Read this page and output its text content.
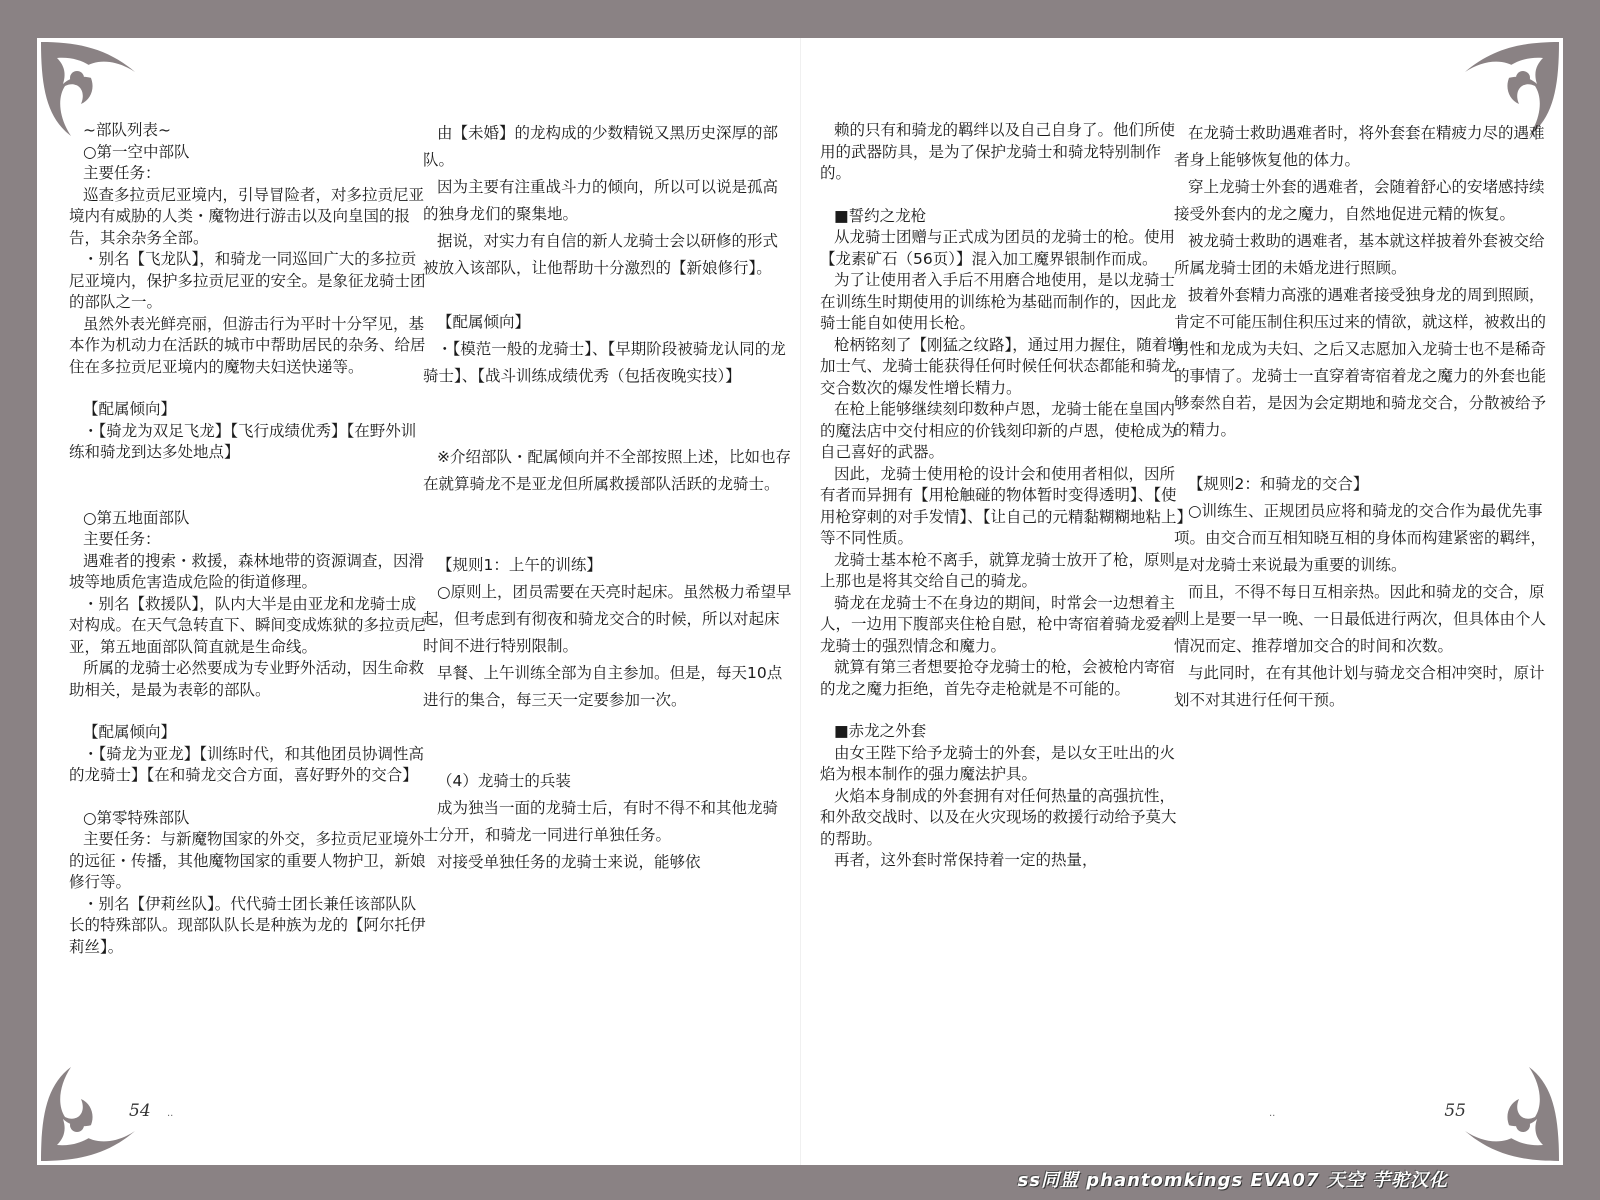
~部队列表~

○第一空中部队

主要任务：

巡查多拉贡尼亚境内，引导冒险者，对多拉贡尼亚境内有威胁的人类・魔物进行游击以及向皇国的报告，其余杂务全部。

・别名【飞龙队】，和骑龙一同巡回广大的多拉贡尼亚境内，保护多拉贡尼亚的安全。是象征龙骑士团的部队之一。

虽然外表光鲜亮丽，但游击行为平时十分罕见，基本作为机动力在活跃的城市中帮助居民的杂务、给居住在多拉贡尼亚境内的魔物夫妇送快递等。

【配属倾向】

・【骑龙为双足飞龙】【飞行成绩优秀】【在野外训练和骑龙到达多处地点】

○第五地面部队

主要任务：

遇难者的搜索・救援，森林地带的资源调查，因滑坡等地质危害造成危险的街道修理。

・别名【救援队】，队内大半是由亚龙和龙骑士成对构成。在天气急转直下、瞬间变成炼狱的多拉贡尼亚，第五地面部队简直就是生命线。

所属的龙骑士必然要成为专业野外活动，因生命救助相关，是最为表彰的部队。

【配属倾向】

・【骑龙为亚龙】【训练时代，和其他团员协调性高的龙骑士】【在和骑龙交合方面，喜好野外的交合】

○第零特殊部队

主要任务：与新魔物国家的外交，多拉贡尼亚境外的远征・传播，其他魔物国家的重要人物护卫，新娘修行等。

・别名【伊莉丝队】。代代骑士团长兼任该部队队长的特殊部队。现部队队长是种族为龙的【阿尔托伊莉丝】。

由【未婚】的龙构成的少数精锐又黑历史深厚的部队。

因为主要有注重战斗力的倾向，所以可以说是孤高的独身龙们的聚集地。

据说，对实力有自信的新人龙骑士会以研修的形式被放入该部队，让他帮助十分激烈的【新娘修行】。

【配属倾向】

・【模范一般的龙骑士】、【早期阶段被骑龙认同的龙骑士】、【战斗训练成绩优秀（包括夜晚实技）】

※介绍部队・配属倾向并不全部按照上述，比如也存在就算骑龙不是亚龙但所属救援部队活跃的龙骑士。

【规则1：上午的训练】

○原则上，团员需要在天亮时起床。虽然极力希望早起，但考虑到有彻夜和骑龙交合的时候，所以对起床时间不进行特别限制。

早餐、上午训练全部为自主参加。但是，每天10点进行的集合，每三天一定要参加一次。

（4）龙骑士的兵装

成为独当一面的龙骑士后，有时不得不和其他龙骑士分开，和骑龙一同进行单独任务。

对接受单独任务的龙骑士来说，能够依

赖的只有和骑龙的羁绊以及自己自身了。他们所使用的武器防具，是为了保护龙骑士和骑龙特别制作的。

■誓约之龙枪

从龙骑士团赠与正式成为团员的龙骑士的枪。使用【龙素矿石（56页）】混入加工魔界银制作而成。

为了让使用者入手后不用磨合地使用，是以龙骑士在训练生时期使用的训练枪为基础而制作的，因此龙骑士能自如使用长枪。

枪柄铭刻了【刚猛之纹路】，通过用力握住，随着增加士气、龙骑士能获得任何时候任何状态都能和骑龙交合数次的爆发性增长精力。

在枪上能够继续刻印数种卢恩，龙骑士能在皇国内的魔法店中交付相应的价钱刻印新的卢恩，使枪成为自己喜好的武器。

因此，龙骑士使用枪的设计会和使用者相似，因所有者而异拥有【用枪触碰的物体暂时变得透明】、【使用枪穿刺的对手发情】、【让自己的元精黏糊糊地粘上】等不同性质。

龙骑士基本枪不离手，就算龙骑士放开了枪，原则上那也是将其交给自己的骑龙。

骑龙在龙骑士不在身边的期间，时常会一边想着主人，一边用下腹部夹住枪自慰，枪中寄宿着骑龙爱着龙骑士的强烈情念和魔力。

就算有第三者想要抢夺龙骑士的枪，会被枪内寄宿的龙之魔力拒绝，首先夺走枪就是不可能的。

■赤龙之外套

由女王陛下给予龙骑士的外套，是以女王吐出的火焰为根本制作的强力魔法护具。

火焰本身制成的外套拥有对任何热量的高强抗性，和外敌交战时、以及在火灾现场的救援行动给予莫大的帮助。

再者，这外套时常保持着一定的热量，

在龙骑士救助遇难者时，将外套套在精疲力尽的遇难者身上能够恢复他的体力。

穿上龙骑士外套的遇难者，会随着舒心的安堵感持续接受外套内的龙之魔力，自然地促进元精的恢复。

被龙骑士救助的遇难者，基本就这样披着外套被交给所属龙骑士团的未婚龙进行照顾。

披着外套精力高涨的遇难者接受独身龙的周到照顾，肯定不可能压制住积压过来的情欲，就这样，被救出的男性和龙成为夫妇、之后又志愿加入龙骑士也不是稀奇的事情了。龙骑士一直穿着寄宿着龙之魔力的外套也能够泰然自若，是因为会定期地和骑龙交合，分散被给予的精力。

【规则2：和骑龙的交合】

○训练生、正规团员应将和骑龙的交合作为最优先事项。由交合而互相知晓互相的身体而构建紧密的羁绊，是对龙骑士来说最为重要的训练。

而且，不得不每日互相亲热。因此和骑龙的交合，原则上是要一早一晚、一日最低进行两次，但具体由个人情况而定、推荐增加交合的时间和次数。

与此同时，在有其他计划与骑龙交合相冲突时，原计划不对其进行任何干预。

54 ..	..	55
ss同盟 phantomkings EVA07 天空 芋驼汉化
